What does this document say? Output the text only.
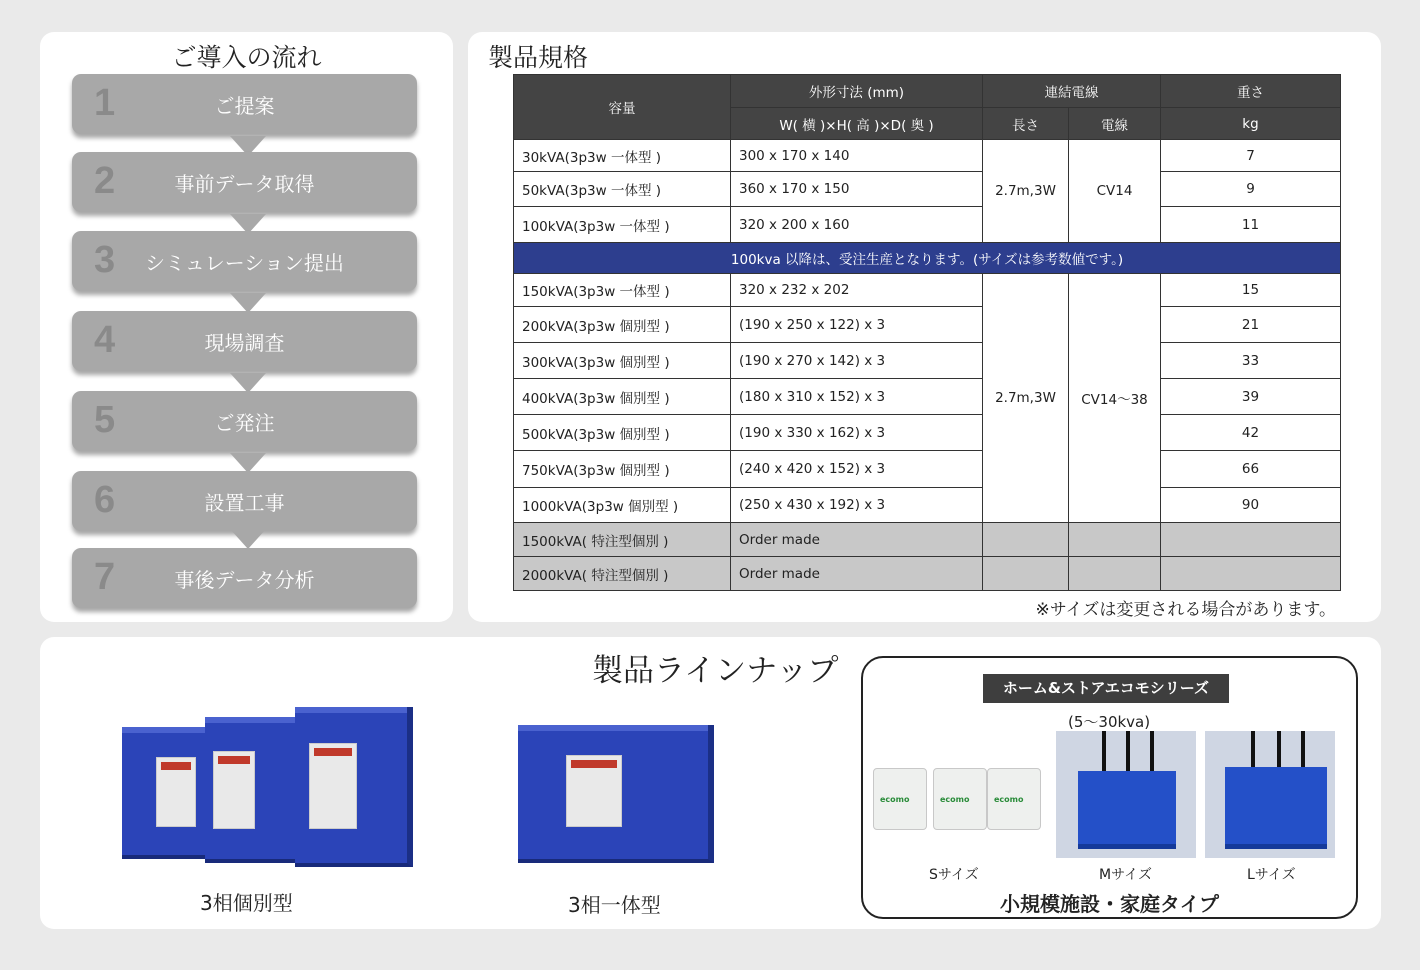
ご導入の流れ
1	ご提案
2	事前データ取得
3	シミュレーション提出
4	現場調査
5	ご発注
6	設置工事
7	事後データ分析
製品規格
容量	外形寸法 (mm)	連結電線		重さ
	W( 横 )×H( 高 )×D( 奥 )	長さ	電線	kg
30kVA(3p3w 一体型 )	300 x 170 x 140	2.7m,3W	CV14	7
50kVA(3p3w 一体型 )	360 x 170 x 150			9
100kVA(3p3w 一体型 )	320 x 200 x 160			11
100kva 以降は、受注生産となります。(サイズは参考数値です。)				
150kVA(3p3w 一体型 )	320 x 232 x 202	2.7m,3W	CV14〜38	15
200kVA(3p3w 個別型 )	(190 x 250 x 122) x 3			21
300kVA(3p3w 個別型 )	(190 x 270 x 142) x 3			33
400kVA(3p3w 個別型 )	(180 x 310 x 152) x 3			39
500kVA(3p3w 個別型 )	(190 x 330 x 162) x 3			42
750kVA(3p3w 個別型 )	(240 x 420 x 152) x 3			66
1000kVA(3p3w 個別型 )	(250 x 430 x 192) x 3			90
1500kVA( 特注型個別 )	Order made			
2000kVA( 特注型個別 )	Order made			
※サイズは変更される場合があります。
製品ラインナップ
3相個別型	3相一体型
ホーム&ストアエコモシリーズ
(5〜30kva)
ecomo	ecomo	ecomo
Sサイズ	Mサイズ	Lサイズ
小規模施設・家庭タイプ
